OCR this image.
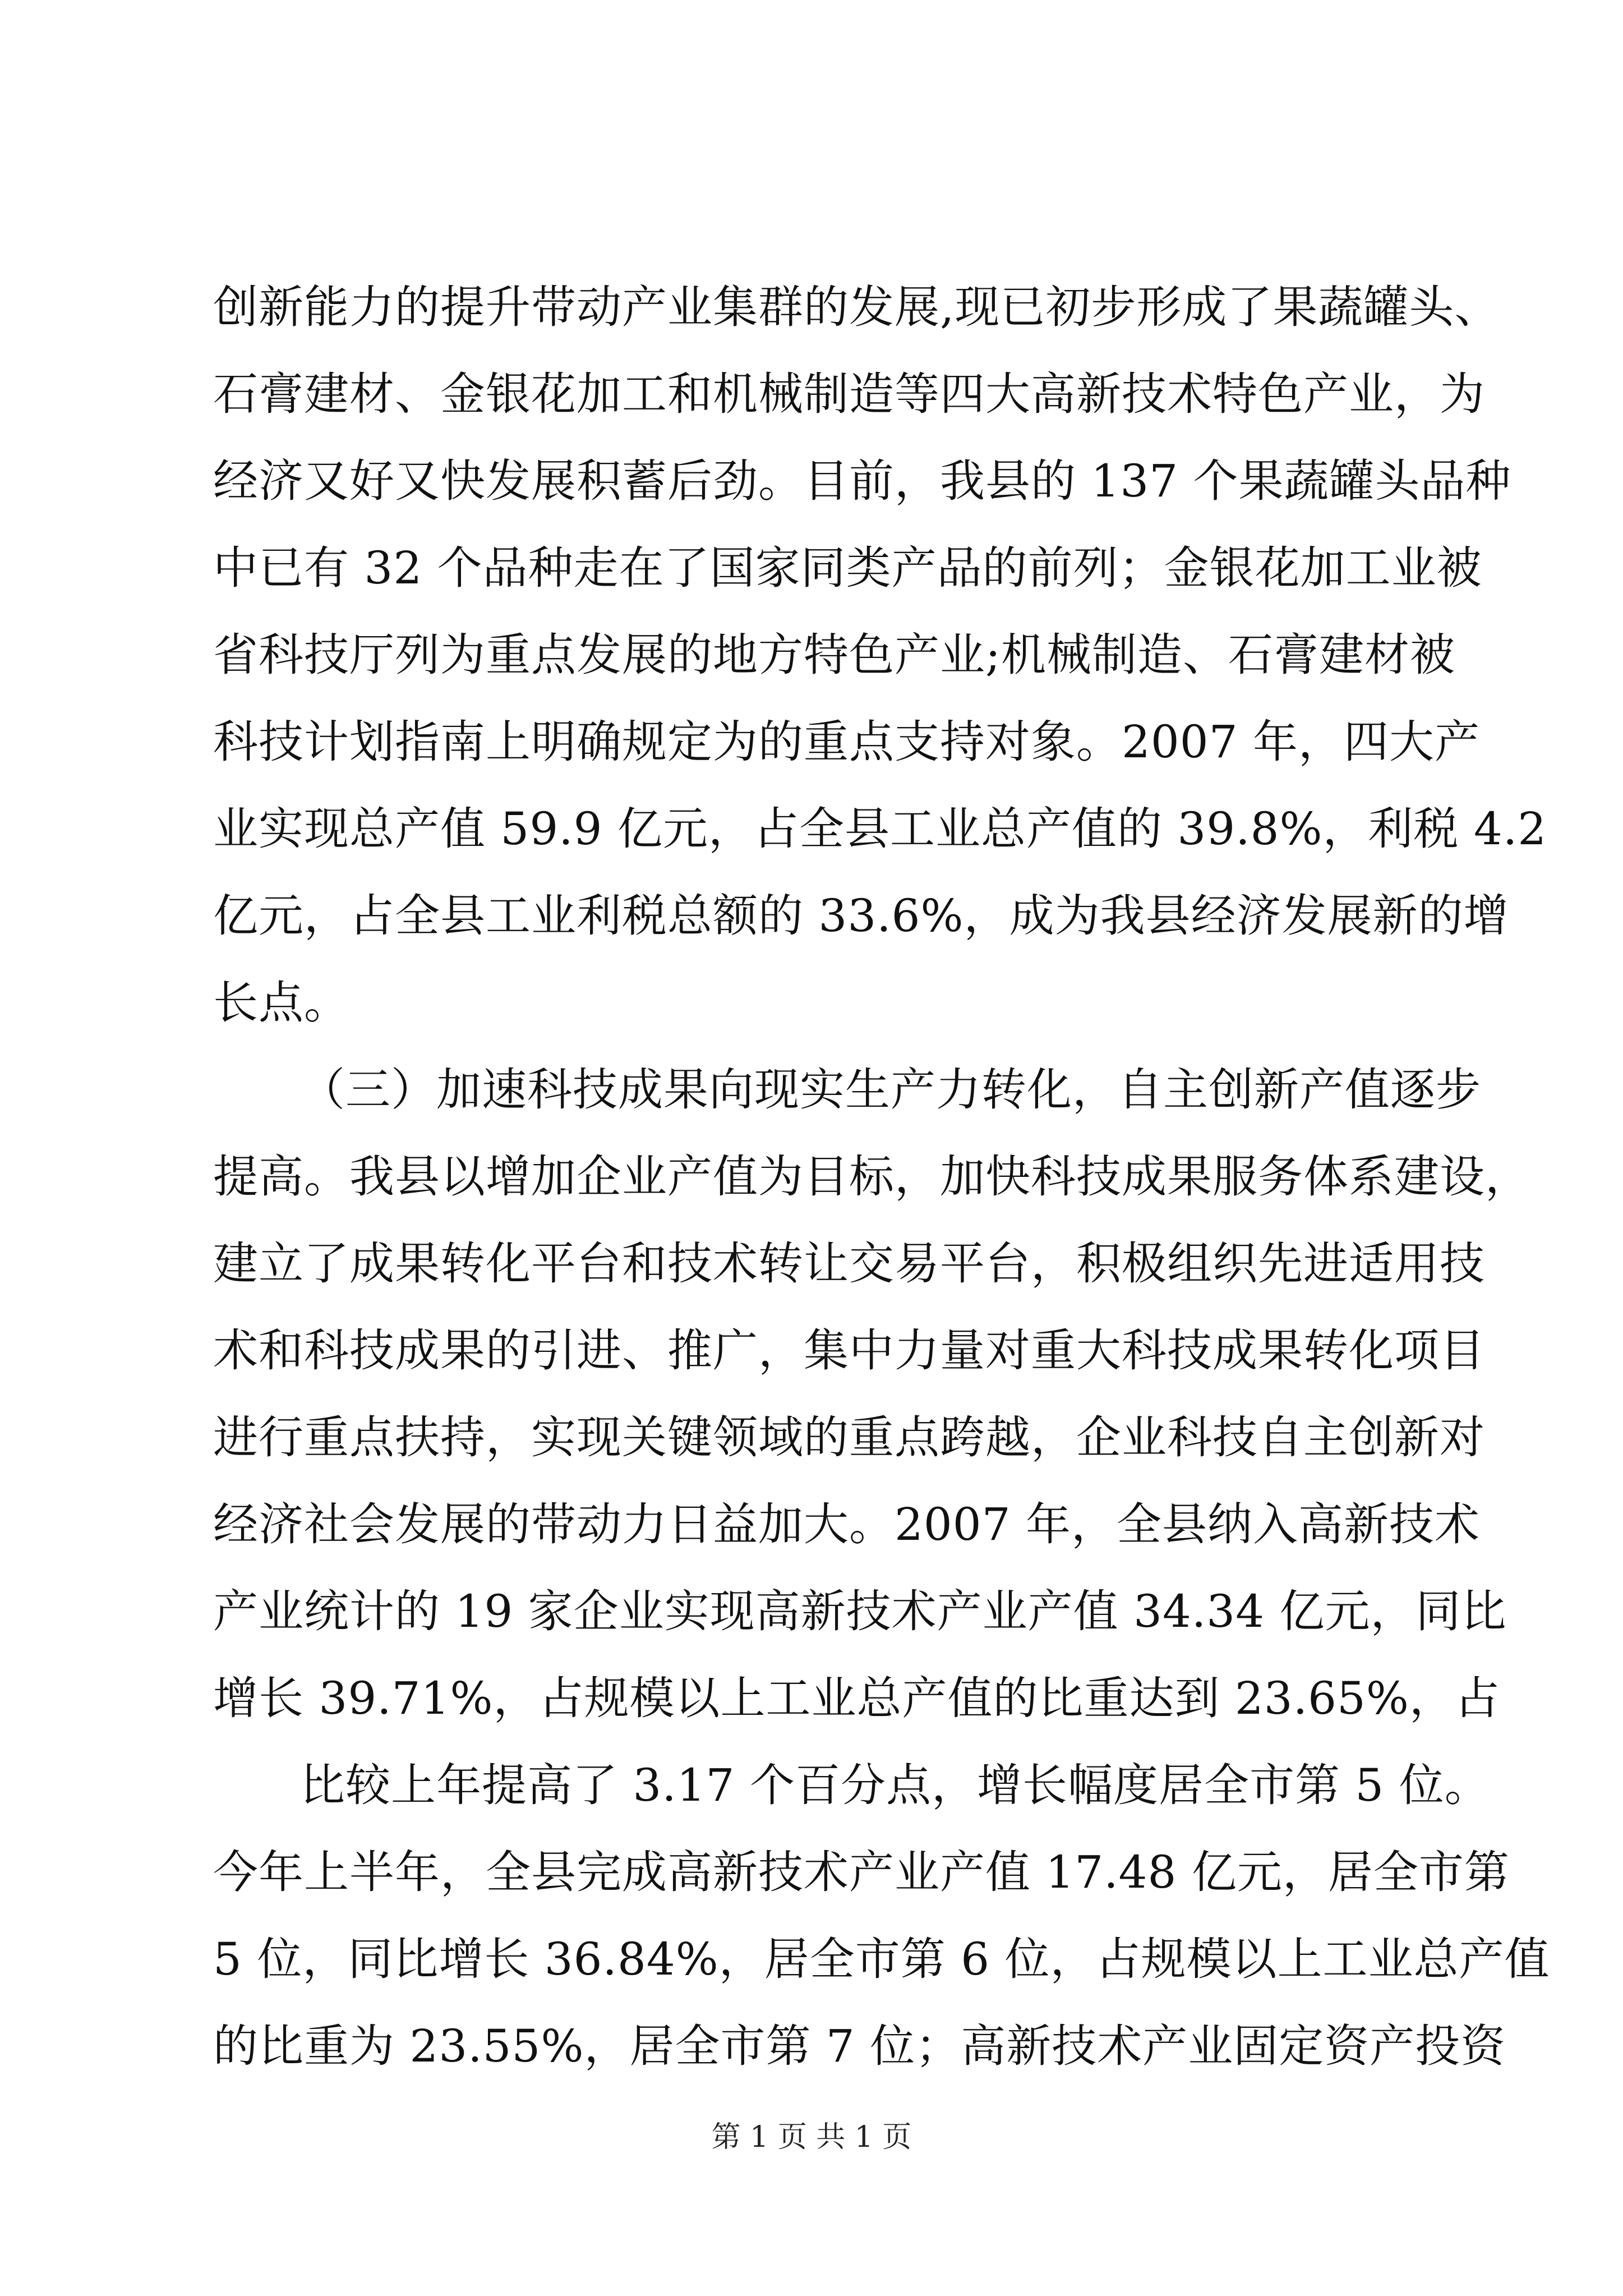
创新能力的提升带动产业集群的发展,现已初步形成了果蔬罐头、
石膏建材、金银花加工和机械制造等四大高新技术特色产业，为
经济又好又快发展积蓄后劲。目前，我县的 137 个果蔬罐头品种
中已有 32 个品种走在了国家同类产品的前列；金银花加工业被
省科技厅列为重点发展的地方特色产业;机械制造、石膏建材被
科技计划指南上明确规定为的重点支持对象。2007 年，四大产
业实现总产值 59.9 亿元，占全县工业总产值的 39.8%，利税 4.2
亿元，占全县工业利税总额的 33.6%，成为我县经济发展新的增
长点。
（三）加速科技成果向现实生产力转化，自主创新产值逐步
提高。我县以增加企业产值为目标，加快科技成果服务体系建设，
建立了成果转化平台和技术转让交易平台，积极组织先进适用技
术和科技成果的引进、推广，集中力量对重大科技成果转化项目
进行重点扶持，实现关键领域的重点跨越，企业科技自主创新对
经济社会发展的带动力日益加大。2007 年，全县纳入高新技术
产业统计的 19 家企业实现高新技术产业产值 34.34 亿元，同比
增长 39.71%，占规模以上工业总产值的比重达到 23.65%，占
比较上年提高了 3.17 个百分点，增长幅度居全市第 5 位。
今年上半年，全县完成高新技术产业产值 17.48 亿元，居全市第
5 位，同比增长 36.84%，居全市第 6 位，占规模以上工业总产值
的比重为 23.55%，居全市第 7 位；高新技术产业固定资产投资
第 1 页 共 1 页
